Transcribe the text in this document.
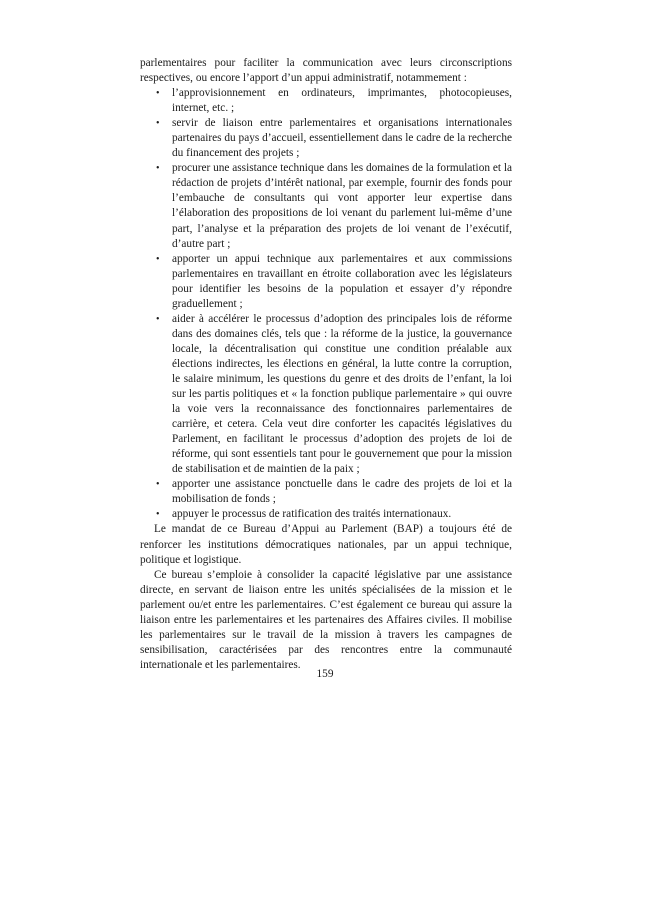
parlementaires pour faciliter la communication avec leurs circonscriptions respectives, ou encore l’apport d’un appui administratif, notammement :

• l’approvisionnement en ordinateurs, imprimantes, photocopieuses, internet, etc. ;
• servir de liaison entre parlementaires et organisations internationales partenaires du pays d’accueil, essentiellement dans le cadre de la recherche du financement des projets ;
• procurer une assistance technique dans les domaines de la formulation et la rédaction de projets d’intérêt national, par exemple, fournir des fonds pour l’embauche de consultants qui vont apporter leur expertise dans l’élaboration des propositions de loi venant du parlement lui-même d’une part, l’analyse et la préparation des projets de loi venant de l’exécutif, d’autre part ;
• apporter un appui technique aux parlementaires et aux commissions parlementaires en travaillant en étroite collaboration avec les législateurs pour identifier les besoins de la population et essayer d’y répondre graduellement ;
• aider à accélérer le processus d’adoption des principales lois de réforme dans des domaines clés, tels que : la réforme de la justice, la gouvernance locale, la décentralisation qui constitue une condition préalable aux élections indirectes, les élections en général, la lutte contre la corruption, le salaire minimum, les questions du genre et des droits de l’enfant, la loi sur les partis politiques et « la fonction publique parlementaire » qui ouvre la voie vers la reconnaissance des fonctionnaires parlementaires de carrière, et cetera. Cela veut dire conforter les capacités législatives du Parlement, en facilitant le processus d’adoption des projets de loi de réforme, qui sont essentiels tant pour le gouvernement que pour la mission de stabilisation et de maintien de la paix ;
• apporter une assistance ponctuelle dans le cadre des projets de loi et la mobilisation de fonds ;
• appuyer le processus de ratification des traités internationaux.

Le mandat de ce Bureau d’Appui au Parlement (BAP) a toujours été de renforcer les institutions démocratiques nationales, par un appui technique, politique et logistique.

Ce bureau s’emploie à consolider la capacité législative par une assistance directe, en servant de liaison entre les unités spécialisées de la mission et le parlement ou/et entre les parlementaires. C’est également ce bureau qui assure la liaison entre les parlementaires et les partenaires des Affaires civiles. Il mobilise les parlementaires sur le travail de la mission à travers les campagnes de sensibilisation, caractérisées par des rencontres entre la communauté internationale et les parlementaires.

159
